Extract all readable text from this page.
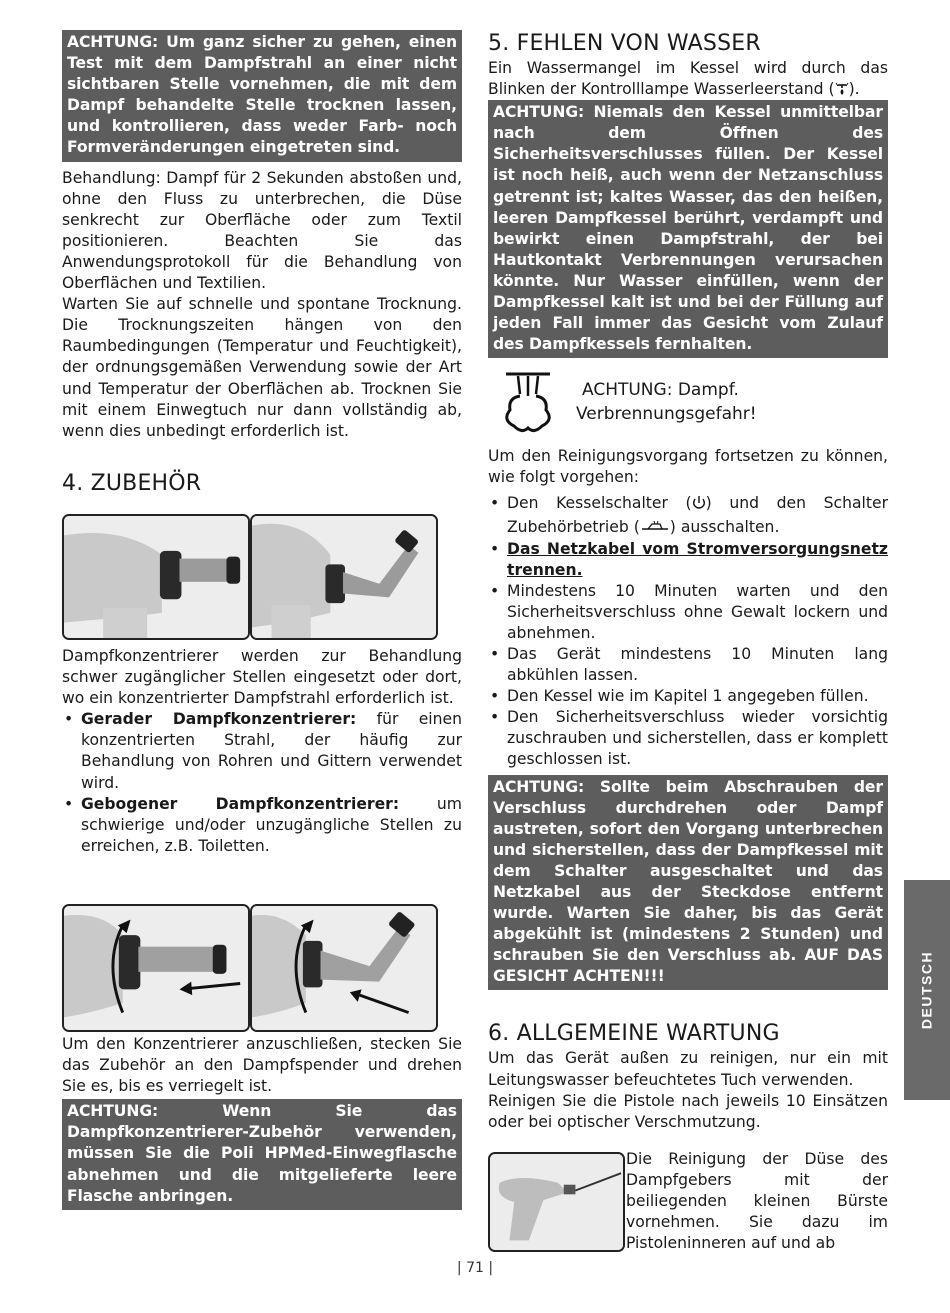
ACHTUNG: Um ganz sicher zu gehen, einen Test mit dem Dampfstrahl an einer nicht sichtbaren Stelle vornehmen, die mit dem Dampf behandelte Stelle trocknen lassen, und kontrollieren, dass weder Farb- noch Formveränderungen eingetreten sind.

Behandlung: Dampf für 2 Sekunden abstoßen und, ohne den Fluss zu unterbrechen, die Düse senkrecht zur Oberfläche oder zum Textil positionieren. Beachten Sie das Anwendungsprotokoll für die Behandlung von Oberflächen und Textilien.

Warten Sie auf schnelle und spontane Trocknung. Die Trocknungszeiten hängen von den Raumbedingungen (Temperatur und Feuchtigkeit), der ordnungsgemäßen Verwendung sowie der Art und Temperatur der Oberflächen ab. Trocknen Sie mit einem Einwegtuch nur dann vollständig ab, wenn dies unbedingt erforderlich ist.

4. ZUBEHÖR

Dampfkonzentrierer werden zur Behandlung schwer zugänglicher Stellen eingesetzt oder dort, wo ein konzentrierter Dampfstrahl erforderlich ist.

• Gerader Dampfkonzentrierer: für einen konzentrierten Strahl, der häufig zur Behandlung von Rohren und Gittern verwendet wird.
• Gebogener Dampfkonzentrierer: um schwierige und/oder unzugängliche Stellen zu erreichen, z.B. Toiletten.

Um den Konzentrierer anzuschließen, stecken Sie das Zubehör an den Dampfspender und drehen Sie es, bis es verriegelt ist.

ACHTUNG: Wenn Sie das Dampfkonzentrierer-Zubehör verwenden, müssen Sie die Poli HPMed-Einwegflasche abnehmen und die mitgelieferte leere Flasche anbringen.
5. FEHLEN VON WASSER

Ein Wassermangel im Kessel wird durch das Blinken der Kontrolllampe Wasserleerstand ( ).

ACHTUNG: Niemals den Kessel unmittelbar nach dem Öffnen des Sicherheitsverschlusses füllen. Der Kessel ist noch heiß, auch wenn der Netzanschluss getrennt ist; kaltes Wasser, das den heißen, leeren Dampfkessel berührt, verdampft und bewirkt einen Dampfstrahl, der bei Hautkontakt Verbrennungen verursachen könnte. Nur Wasser einfüllen, wenn der Dampfkessel kalt ist und bei der Füllung auf jeden Fall immer das Gesicht vom Zulauf des Dampfkessels fernhalten.
ACHTUNG: Dampf.
Verbrennungsgefahr!

Um den Reinigungsvorgang fortsetzen zu können, wie folgt vorgehen:

• Den Kesselschalter ( ) und den Schalter Zubehörbetrieb ( ) ausschalten.
• Das Netzkabel vom Stromversorgungsnetz trennen.
• Mindestens 10 Minuten warten und den Sicherheitsverschluss ohne Gewalt lockern und abnehmen.
• Das Gerät mindestens 10 Minuten lang abkühlen lassen.
• Den Kessel wie im Kapitel 1 angegeben füllen.
• Den Sicherheitsverschluss wieder vorsichtig zuschrauben und sicherstellen, dass er komplett geschlossen ist.
ACHTUNG: Sollte beim Abschrauben der Verschluss durchdrehen oder Dampf austreten, sofort den Vorgang unterbrechen und sicherstellen, dass der Dampfkessel mit dem Schalter ausgeschaltet und das Netzkabel aus der Steckdose entfernt wurde. Warten Sie daher, bis das Gerät abgekühlt ist (mindestens 2 Stunden) und schrauben Sie den Verschluss ab. AUF DAS GESICHT ACHTEN!!!
6. ALLGEMEINE WARTUNG

Um das Gerät außen zu reinigen, nur ein mit Leitungswasser befeuchtetes Tuch verwenden.

Reinigen Sie die Pistole nach jeweils 10 Einsätzen oder bei optischer Verschmutzung.

Die Reinigung der Düse des Dampfgebers mit der beiliegenden kleinen Bürste vornehmen. Sie dazu im Pistoleninneren auf und ab

DEUTSCH
| 71 |
